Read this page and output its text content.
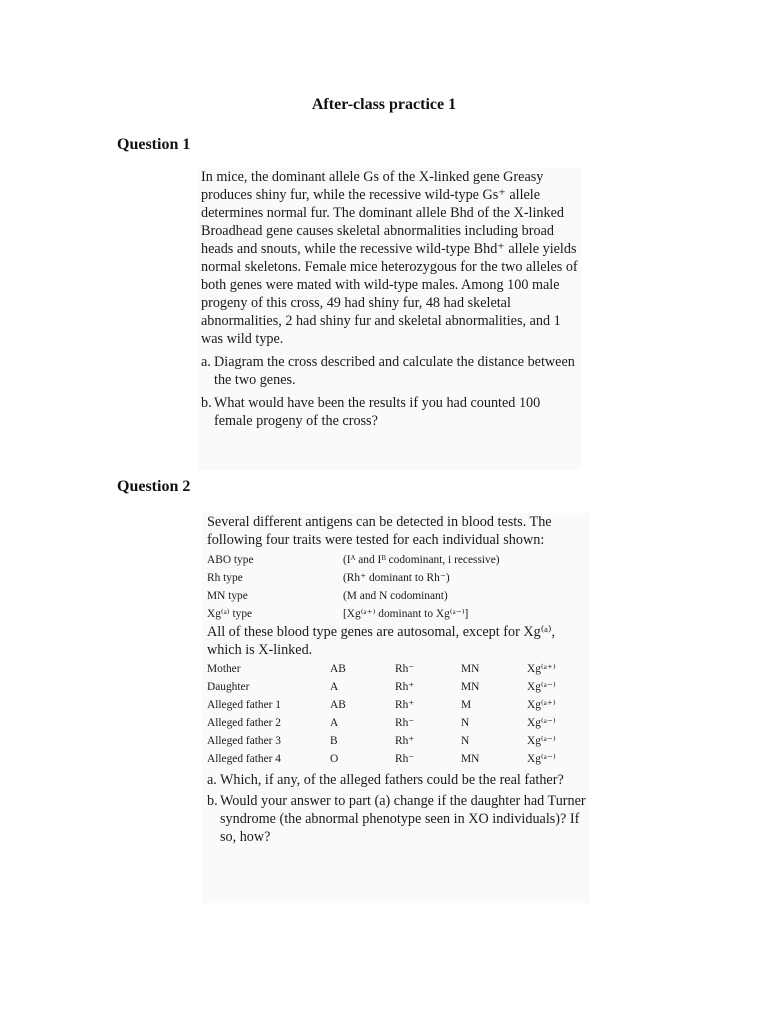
After-class practice 1
Question 1

In mice, the dominant allele Gs of the X-linked gene Greasy produces shiny fur, while the recessive wild-type Gs⁺ allele determines normal fur. The dominant allele Bhd of the X-linked Broadhead gene causes skeletal abnormalities including broad heads and snouts, while the recessive wild-type Bhd⁺ allele yields normal skeletons. Female mice heterozygous for the two alleles of both genes were mated with wild-type males. Among 100 male progeny of this cross, 49 had shiny fur, 48 had skeletal abnormalities, 2 had shiny fur and skeletal abnormalities, and 1 was wild type.

a. Diagram the cross described and calculate the distance between the two genes.
b. What would have been the results if you had counted 100 female progeny of the cross?
Question 2

Several different antigens can be detected in blood tests. The following four traits were tested for each individual shown:

ABO type	(Iᴬ and Iᴮ codominant, i recessive)
Rh type	(Rh⁺ dominant to Rh⁻)
MN type	(M and N codominant)
Xg⁽ᵃ⁾ type	[Xg⁽ᵃ⁺⁾ dominant to Xg⁽ᵃ⁻⁾]

All of these blood type genes are autosomal, except for Xg⁽ᵃ⁾, which is X-linked.

Mother	AB	Rh⁻	MN	Xg⁽ᵃ⁺⁾
Daughter	A	Rh⁺	MN	Xg⁽ᵃ⁻⁾
Alleged father 1	AB	Rh⁺	M	Xg⁽ᵃ⁺⁾
Alleged father 2	A	Rh⁻	N	Xg⁽ᵃ⁻⁾
Alleged father 3	B	Rh⁺	N	Xg⁽ᵃ⁻⁾
Alleged father 4	O	Rh⁻	MN	Xg⁽ᵃ⁻⁾
a. Which, if any, of the alleged fathers could be the real father?
b. Would your answer to part (a) change if the daughter had Turner syndrome (the abnormal phenotype seen in XO individuals)? If so, how?
